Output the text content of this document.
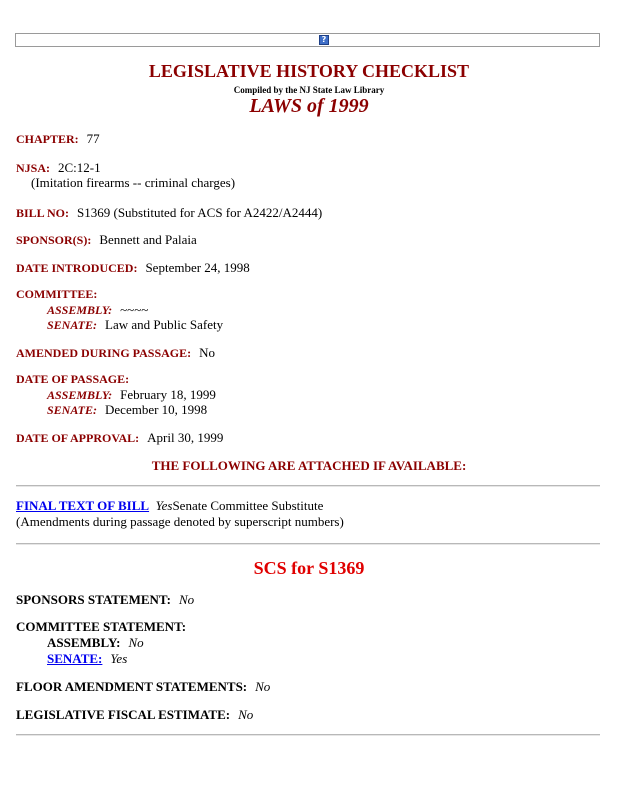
?
LEGISLATIVE HISTORY CHECKLIST
Compiled by the NJ State Law Library
LAWS of 1999
CHAPTER: 77
NJSA: 2C:12-1
(Imitation firearms -- criminal charges)
BILL NO: S1369 (Substituted for ACS for A2422/A2444)
SPONSOR(S): Bennett and Palaia
DATE INTRODUCED: September 24, 1998
COMMITTEE:
ASSEMBLY: ~~~~
SENATE: Law and Public Safety
AMENDED DURING PASSAGE: No
DATE OF PASSAGE:
ASSEMBLY: February 18, 1999
SENATE: December 10, 1998
DATE OF APPROVAL: April 30, 1999
THE FOLLOWING ARE ATTACHED IF AVAILABLE:
FINAL TEXT OF BILL YesSenate Committee Substitute
(Amendments during passage denoted by superscript numbers)
SCS for S1369
SPONSORS STATEMENT: No
COMMITTEE STATEMENT:
ASSEMBLY: No
SENATE: Yes
FLOOR AMENDMENT STATEMENTS: No
LEGISLATIVE FISCAL ESTIMATE: No
